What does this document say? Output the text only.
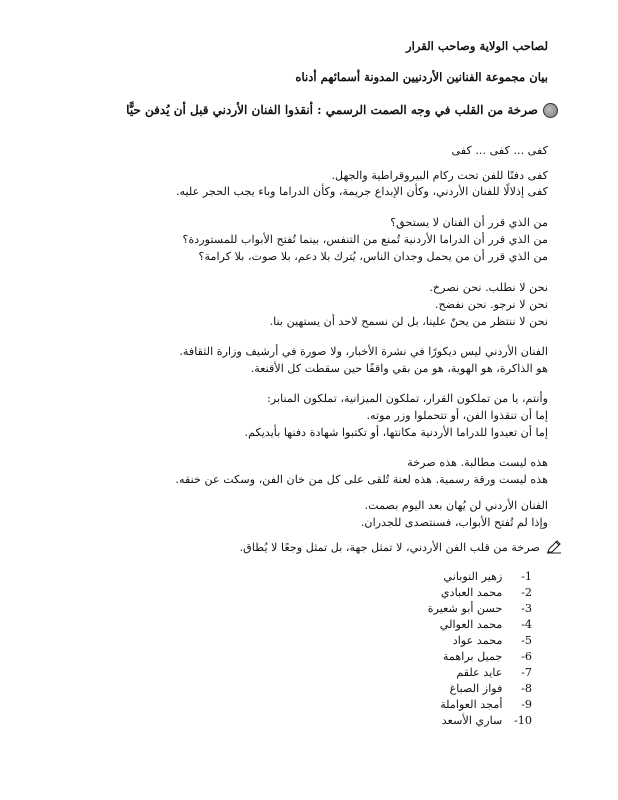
لصاحب الولاية وصاحب القرار
بيان مجموعة الفنانين الأردنيين المدونة أسمائهم أدناه
صرخة من القلب في وجه الصمت الرسمي : أنقذوا الفنان الأردني قبل أن يُدفن حيًّا
كفى ... كفى ... كفى
كفى دفنًا للفن تحت ركام البيروقراطية والجهل.
كفى إذلالًا للفنان الأردني، وكأن الإبداع جريمة، وكأن الدراما وباء يجب الحجر عليه.
من الذي قرر أن الفنان لا يستحق؟
من الذي قرر أن الدراما الأردنية تُمنع من التنفس، بينما تُفتح الأبواب للمستوردة؟
من الذي قرر أن من يحمل وجدان الناس، يُترك بلا دعم، بلا صوت، بلا كرامة؟
نحن لا نطلب. نحن نصرخ.
نحن لا نرجو. نحن نفضح.
نحن لا ننتظر من يحنّ علينا، بل لن نسمح لاحد أن يستهين بنا.
الفنان الأردني ليس ديكورًا في نشرة الأخبار، ولا صورة في أرشيف وزارة الثقافة.
هو الذاكرة، هو الهوية، هو من بقي واقفًا حين سقطت كل الأقنعة.
وأنتم، يا من تملكون القرار، تملكون الميزانية، تملكون المنابر:
إما أن تنقذوا الفن، أو تتحملوا وزر موته.
إما أن تعيدوا للدراما الأردنية مكانتها، أو تكتبوا شهادة دفنها بأيديكم.
هذه ليست مطالبة. هذه صرخة
هذه ليست ورقة رسمية. هذه لعنة تُلقى على كل من خان الفن، وسكت عن خنقه.
الفنان الأردني لن يُهان بعد اليوم بصمت.
وإذا لم تُفتح الأبواب، فسنتصدى للجدران.
صرخة من قلب الفن الأردني، لا تمثل جهة، بل تمثل وجعًا لا يُطاق.
1- زهير النوباني
2- محمد العبادي
3- حسن أبو شعيرة
4- محمد العوالي
5- محمد عواد
6- جميل براهمة
7- عايد علقم
8- فواز الصباغ
9- أمجد العواملة
10- ساري الأسعد
